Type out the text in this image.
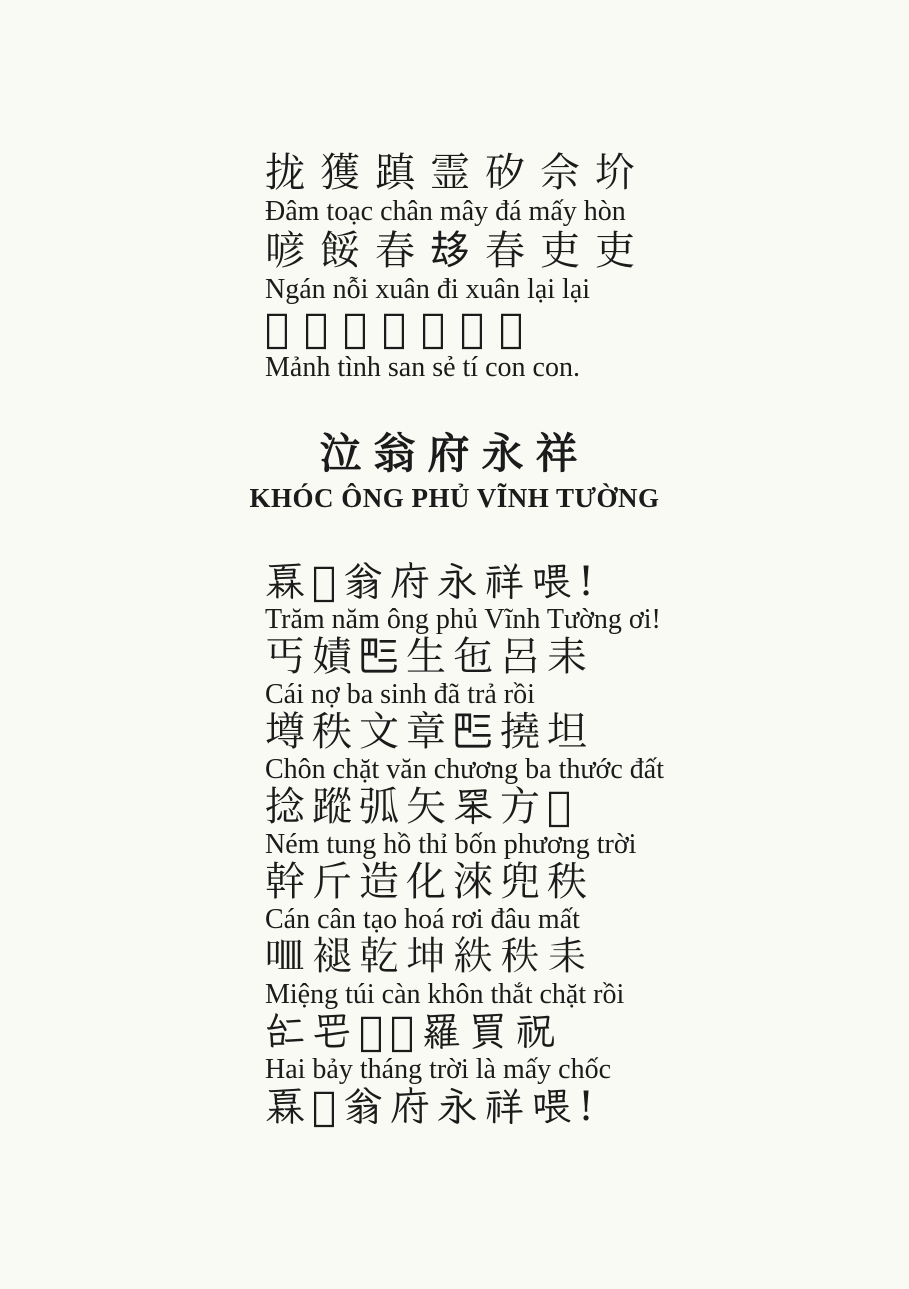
拢獲蹎霊矽佘圿
Đâm toạc chân mây đá mấy hòn
喭餒春𠫾春吏吏
Ngán nỗi xuân đi xuân lại lại
𤗖情刪扗𡮈𡥵𡥵
Mảnh tình san sẻ tí con con.
泣翁府永祥
KHÓC ÔNG PHỦ VĨNH TƯỜNG
𤾓𢆥翁府永祥喂!
Trăm năm ông phủ Vĩnh Tường ơi!
丐嫧𠀧生㐌呂耒
Cái nợ ba sinh đã trả rồi
墫秩文章𠀧撓坦
Chôn chặt văn chương ba thước đất
捻蹤弧矢𦊚方𡗶
Ném tung hồ thỉ bốn phương trời
幹斤造化淶兜秩
Cán cân tạo hoá rơi đâu mất
𠰘褪乾坤紩秩耒
Miệng túi càn khôn thắt chặt rồi
𠄩𦉱𣎃𡗶羅買祝
Hai bảy tháng trời là mấy chốc
𤾓𢆥翁府永祥喂!
